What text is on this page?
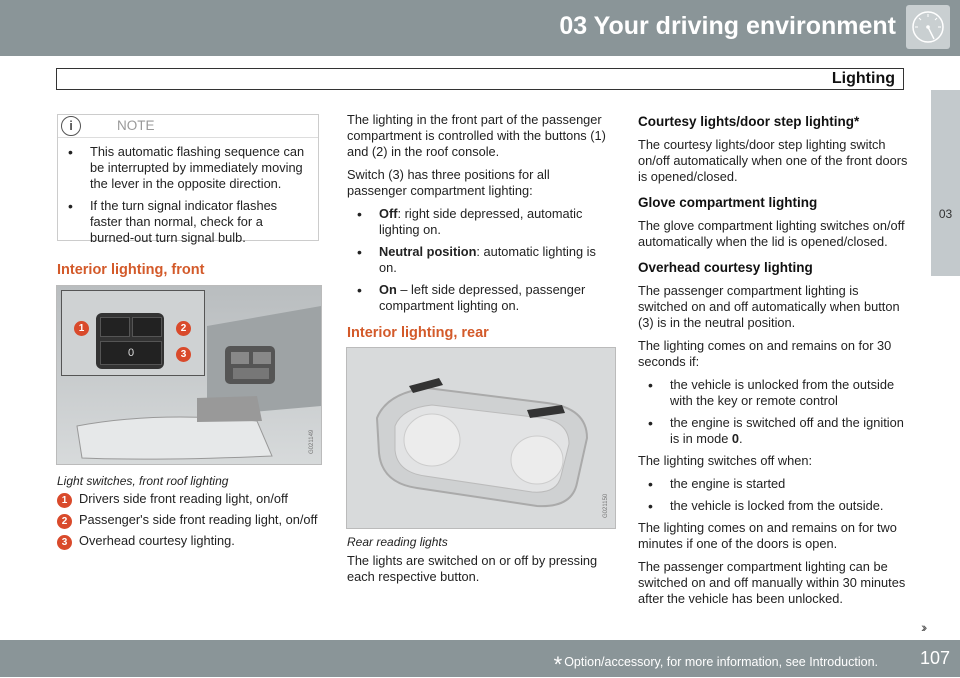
03 Your driving environment
Lighting
03
i	NOTE
• This automatic flashing sequence can be interrupted by immediately moving the lever in the opposite direction.
• If the turn signal indicator flashes faster than normal, check for a burned-out turn signal bulb.
Interior lighting, front
0
1	2
3
G021149
Light switches, front roof lighting
1 Drivers side front reading light, on/off
2 Passenger's side front reading light, on/off
3 Overhead courtesy lighting.

The lighting in the front part of the passenger compartment is controlled with the buttons (1) and (2) in the roof console.

Switch (3) has three positions for all passenger compartment lighting:

• Off: right side depressed, automatic lighting on.
• Neutral position: automatic lighting is on.
• On – left side depressed, passenger compartment lighting on.
Interior lighting, rear
G021150
Rear reading lights
The lights are switched on or off by pressing each respective button.

Courtesy lights/door step lighting*

The courtesy lights/door step lighting switch on/off automatically when one of the front doors is opened/closed.

Glove compartment lighting

The glove compartment lighting switches on/off automatically when the lid is opened/closed.

Overhead courtesy lighting

The passenger compartment lighting is switched on and off automatically when button (3) is in the neutral position.

The lighting comes on and remains on for 30 seconds if:

• the vehicle is unlocked from the outside with the key or remote control
• the engine is switched off and the ignition is in mode 0.

The lighting switches off when:

• the engine is started
• the vehicle is locked from the outside.

The lighting comes on and remains on for two minutes if one of the doors is open.

The passenger compartment lighting can be switched on and off manually within 30 minutes after the vehicle has been unlocked.

››
* Option/accessory, for more information, see Introduction. 107
